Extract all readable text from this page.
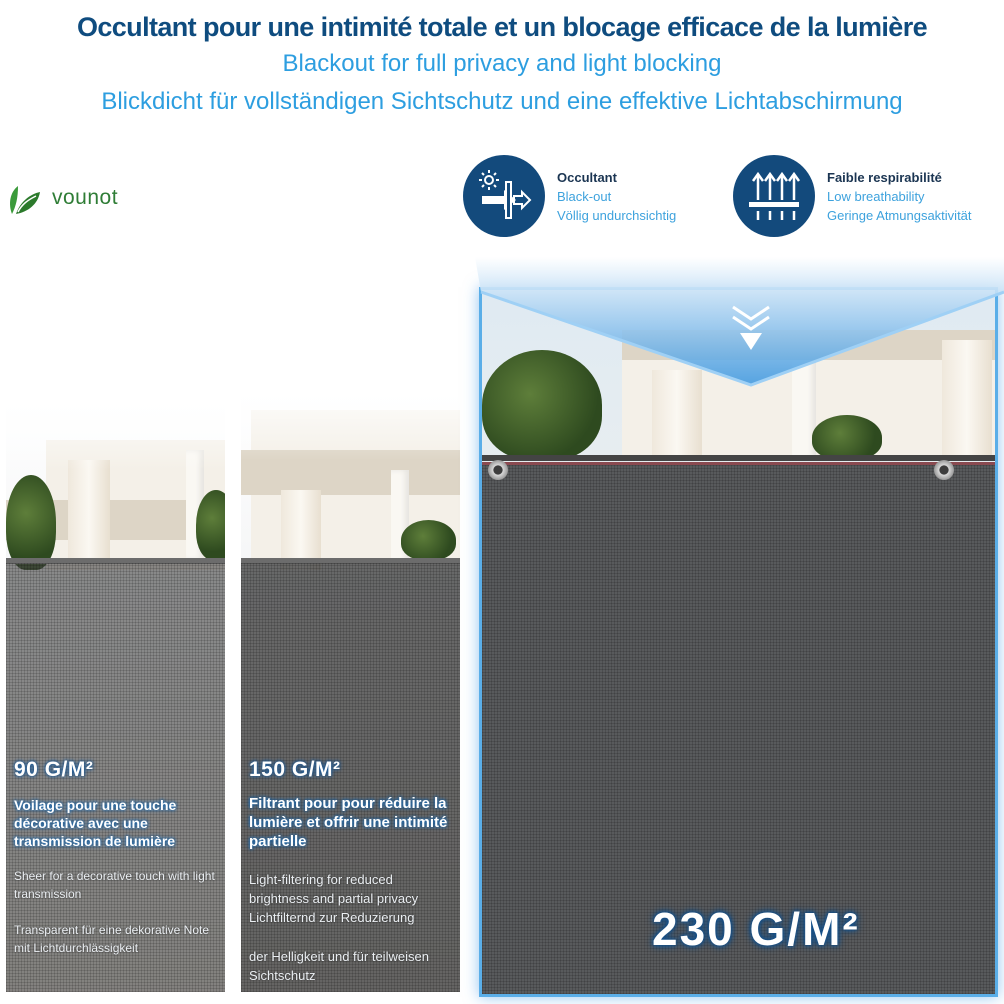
Occultant pour une intimité totale et un blocage efficace de la lumière
Blackout for full privacy and light blocking
Blickdicht für vollständigen Sichtschutz und eine effektive Lichtabschirmung
vounot
Occultant
Black-out
Völlig undurchsichtig
Faible respirabilité
Low breathability
Geringe Atmungsaktivität
90 G/M²
Voilage pour une touche décorative avec une transmission de lumière
Sheer for a decorative touch with light transmission
Transparent für eine dekorative Note mit Lichtdurchlässigkeit
150 G/M²
Filtrant pour pour réduire la lumière et offrir une intimité partielle
Light-filtering for reduced brightness and partial privacy
Lichtfilternd zur Reduzierung
der Helligkeit und für teilweisen Sichtschutz
230 G/M²
